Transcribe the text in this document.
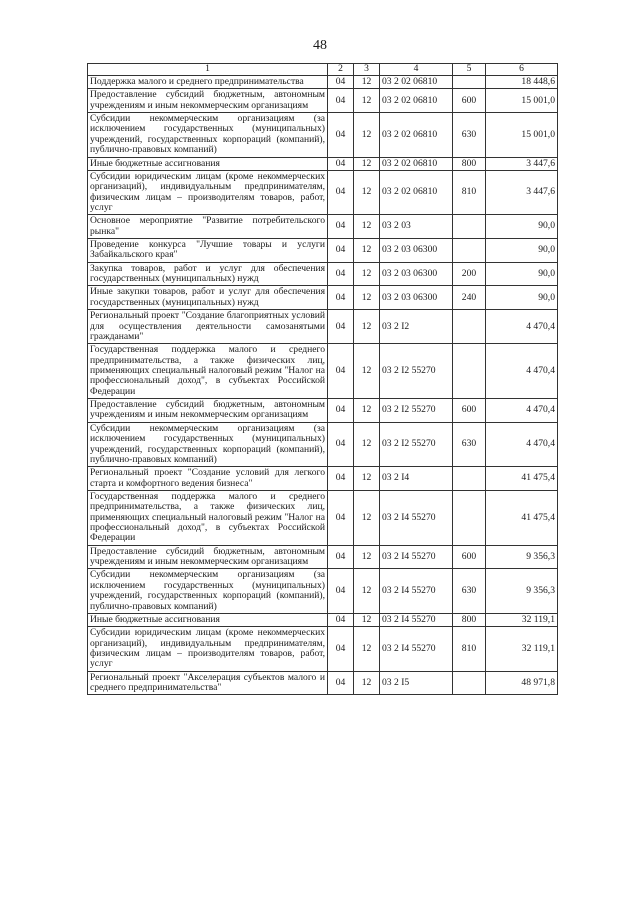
48
1	2	3	4	5	6
Поддержка малого и среднего предпринимательства	04	12	03 2 02 06810		18 448,6
Предоставление субсидий бюджетным, автономным учреждениям и иным некоммерческим организациям	04	12	03 2 02 06810	600	15 001,0
Субсидии некоммерческим организациям (за исключением государственных (муниципальных) учреждений, государственных корпораций (компаний), публично-правовых компаний)	04	12	03 2 02 06810	630	15 001,0
Иные бюджетные ассигнования	04	12	03 2 02 06810	800	3 447,6
Субсидии юридическим лицам (кроме некоммерческих организаций), индивидуальным предпринимателям, физическим лицам – производителям товаров, работ, услуг	04	12	03 2 02 06810	810	3 447,6
Основное мероприятие "Развитие потребительского рынка"	04	12	03 2 03		90,0
Проведение конкурса "Лучшие товары и услуги Забайкальского края"	04	12	03 2 03 06300		90,0
Закупка товаров, работ и услуг для обеспечения государственных (муниципальных) нужд	04	12	03 2 03 06300	200	90,0
Иные закупки товаров, работ и услуг для обеспечения государственных (муниципальных) нужд	04	12	03 2 03 06300	240	90,0
Региональный проект "Создание благоприятных условий для осуществления деятельности самозанятыми гражданами"	04	12	03 2 I2		4 470,4
Государственная поддержка малого и среднего предпринимательства, а также физических лиц, применяющих специальный налоговый режим "Налог на профессиональный доход", в субъектах Российской Федерации	04	12	03 2 I2 55270		4 470,4
Предоставление субсидий бюджетным, автономным учреждениям и иным некоммерческим организациям	04	12	03 2 I2 55270	600	4 470,4
Субсидии некоммерческим организациям (за исключением государственных (муниципальных) учреждений, государственных корпораций (компаний), публично-правовых компаний)	04	12	03 2 I2 55270	630	4 470,4
Региональный проект "Создание условий для легкого старта и комфортного ведения бизнеса"	04	12	03 2 I4		41 475,4
Государственная поддержка малого и среднего предпринимательства, а также физических лиц, применяющих специальный налоговый режим "Налог на профессиональный доход", в субъектах Российской Федерации	04	12	03 2 I4 55270		41 475,4
Предоставление субсидий бюджетным, автономным учреждениям и иным некоммерческим организациям	04	12	03 2 I4 55270	600	9 356,3
Субсидии некоммерческим организациям (за исключением государственных (муниципальных) учреждений, государственных корпораций (компаний), публично-правовых компаний)	04	12	03 2 I4 55270	630	9 356,3
Иные бюджетные ассигнования	04	12	03 2 I4 55270	800	32 119,1
Субсидии юридическим лицам (кроме некоммерческих организаций), индивидуальным предпринимателям, физическим лицам – производителям товаров, работ, услуг	04	12	03 2 I4 55270	810	32 119,1
Региональный проект "Акселерация субъектов малого и среднего предпринимательства"	04	12	03 2 I5		48 971,8
